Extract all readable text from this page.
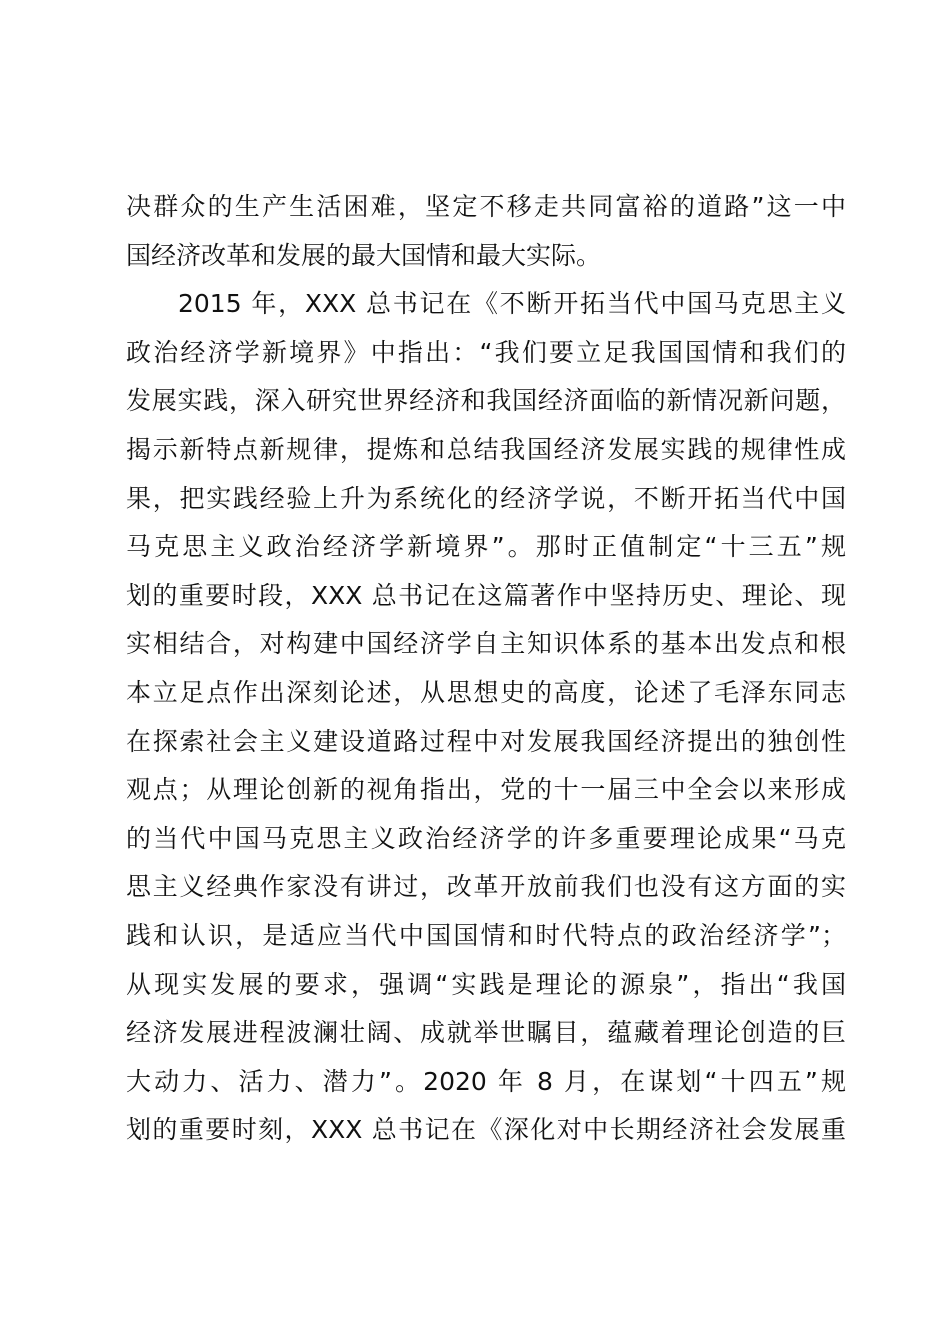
决群众的生产生活困难，坚定不移走共同富裕的道路”这一中
国经济改革和发展的最大国情和最大实际。
2015 年，XXX 总书记在《不断开拓当代中国马克思主义
政治经济学新境界》中指出：“我们要立足我国国情和我们的
发展实践，深入研究世界经济和我国经济面临的新情况新问题，
揭示新特点新规律，提炼和总结我国经济发展实践的规律性成
果，把实践经验上升为系统化的经济学说，不断开拓当代中国
马克思主义政治经济学新境界”。那时正值制定“十三五”规
划的重要时段，XXX 总书记在这篇著作中坚持历史、理论、现
实相结合，对构建中国经济学自主知识体系的基本出发点和根
本立足点作出深刻论述，从思想史的高度，论述了毛泽东同志
在探索社会主义建设道路过程中对发展我国经济提出的独创性
观点；从理论创新的视角指出，党的十一届三中全会以来形成
的当代中国马克思主义政治经济学的许多重要理论成果“马克
思主义经典作家没有讲过，改革开放前我们也没有这方面的实
践和认识，是适应当代中国国情和时代特点的政治经济学”；
从现实发展的要求，强调“实践是理论的源泉”，指出“我国
经济发展进程波澜壮阔、成就举世瞩目，蕴藏着理论创造的巨
大动力、活力、潜力”。2020 年 8 月，在谋划“十四五”规
划的重要时刻，XXX 总书记在《深化对中长期经济社会发展重
